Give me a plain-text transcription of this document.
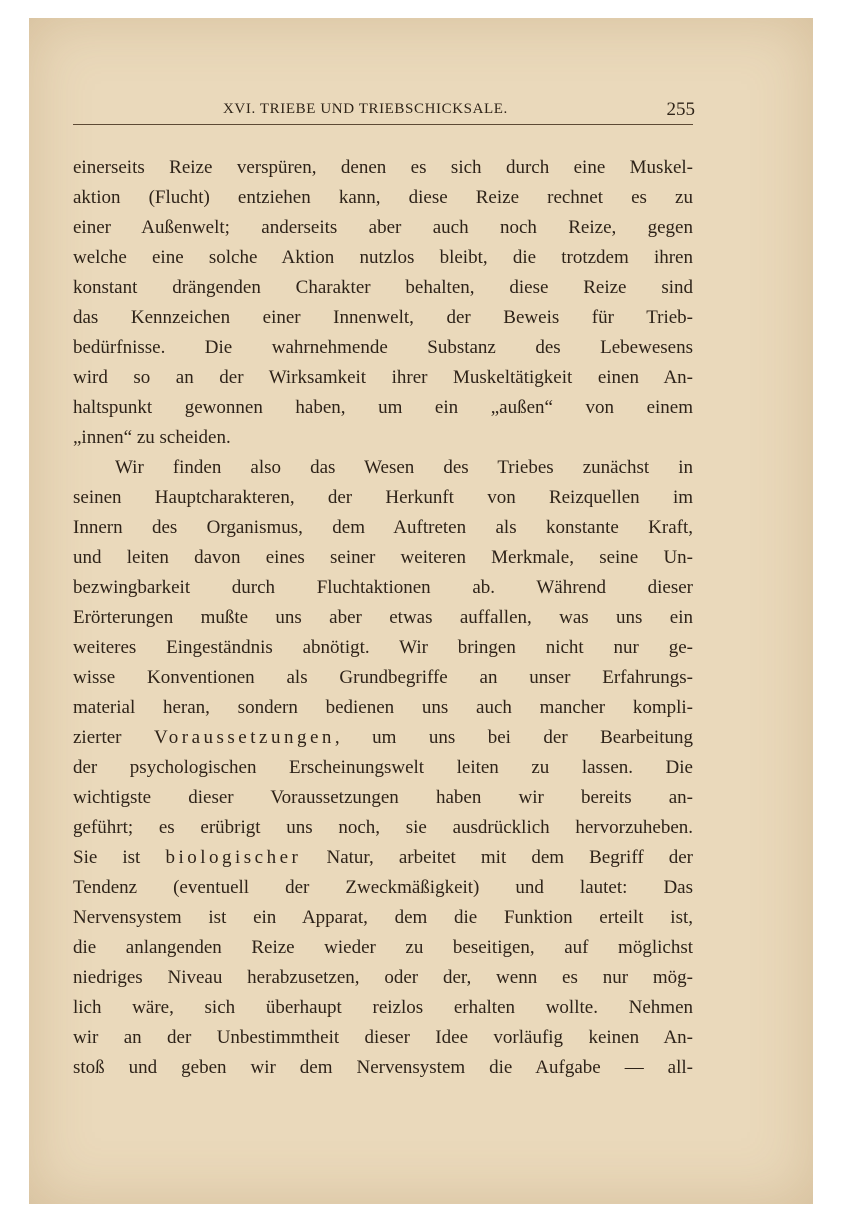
XVI. TRIEBE UND TRIEBSCHICKSALE.	255
einerseits Reize verspüren, denen es sich durch eine Muskel-
aktion (Flucht) entziehen kann, diese Reize rechnet es zu
einer Außenwelt; anderseits aber auch noch Reize, gegen
welche eine solche Aktion nutzlos bleibt, die trotzdem ihren
konstant drängenden Charakter behalten, diese Reize sind
das Kennzeichen einer Innenwelt, der Beweis für Trieb-
bedürfnisse. Die wahrnehmende Substanz des Lebewesens
wird so an der Wirksamkeit ihrer Muskeltätigkeit einen An-
haltspunkt gewonnen haben, um ein „außen“ von einem
„innen“ zu scheiden.
Wir finden also das Wesen des Triebes zunächst in
seinen Hauptcharakteren, der Herkunft von Reizquellen im
Innern des Organismus, dem Auftreten als konstante Kraft,
und leiten davon eines seiner weiteren Merkmale, seine Un-
bezwingbarkeit durch Fluchtaktionen ab. Während dieser
Erörterungen mußte uns aber etwas auffallen, was uns ein
weiteres Eingeständnis abnötigt. Wir bringen nicht nur ge-
wisse Konventionen als Grundbegriffe an unser Erfahrungs-
material heran, sondern bedienen uns auch mancher kompli-
zierter Voraussetzungen, um uns bei der Bearbeitung
der psychologischen Erscheinungswelt leiten zu lassen. Die
wichtigste dieser Voraussetzungen haben wir bereits an-
geführt; es erübrigt uns noch, sie ausdrücklich hervorzuheben.
Sie ist biologischer Natur, arbeitet mit dem Begriff der
Tendenz (eventuell der Zweckmäßigkeit) und lautet: Das
Nervensystem ist ein Apparat, dem die Funktion erteilt ist,
die anlangenden Reize wieder zu beseitigen, auf möglichst
niedriges Niveau herabzusetzen, oder der, wenn es nur mög-
lich wäre, sich überhaupt reizlos erhalten wollte. Nehmen
wir an der Unbestimmtheit dieser Idee vorläufig keinen An-
stoß und geben wir dem Nervensystem die Aufgabe — all-
